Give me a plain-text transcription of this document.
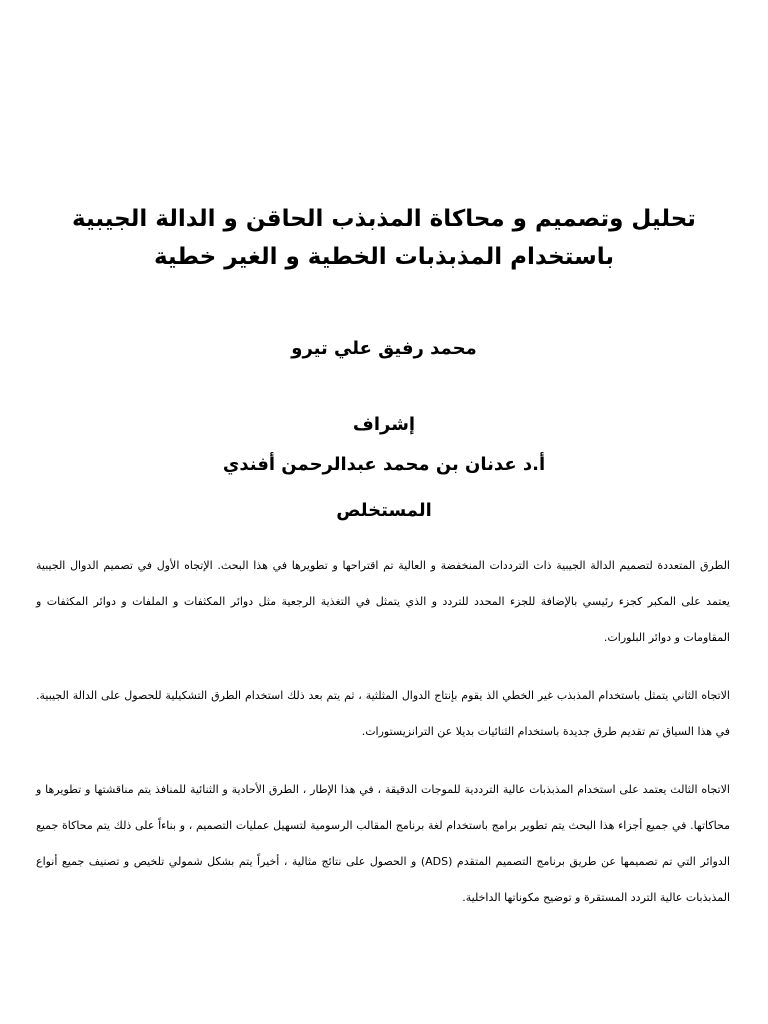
تحليل وتصميم و محاكاة المذبذب الحاقن و الدالة الجيبية باستخدام المذبذبات الخطية و الغير خطية
محمد رفيق علي تيرو
إشراف
أ.د عدنان بن محمد عبدالرحمن أفندي
المستخلص

الطرق المتعددة لتصميم الدالة الجيبية ذات الترددات المنخفضة و العالية تم اقتراحها و تطويرها في هذا البحث. الإتجاه الأول في تصميم الدوال الجيبية يعتمد على المكبر كجزء رئيسي بالإضافة للجزء المحدد للتردد و الذي يتمثل في التغذية الرجعية مثل دوائر المكثفات و الملفات و دوائر المكثفات و المقاومات و دوائر البلورات.

الاتجاه الثاني يتمثل باستخدام المذبذب غير الخطي الذ يقوم بإنتاج الدوال المثلثية ، ثم يتم بعد ذلك استخدام الطرق التشكيلية للحصول على الدالة الجيبية. في هذا السياق تم تقديم طرق جديدة باستخدام الثنائيات بديلا عن الترانزيستورات.

الاتجاه الثالث يعتمد على استخدام المذبذبات عالية الترددية للموجات الدقيقة ، في هذا الإطار ، الطرق الأحادية و الثنائية للمنافذ يتم مناقشتها و تطويرها و محاكاتها. في جميع أجزاء هذا البحث يتم تطوير برامج باستخدام لغة برنامج المقالب الرسومية لتسهيل عمليات التصميم ، و بناءاً على ذلك يتم محاكاة جميع الدوائر التي تم تصميمها عن طريق برنامج التصميم المتقدم (ADS) و الحصول على نتائج مثالية ، أخيراً يتم بشكل شمولي تلخيص و تصنيف جميع أنواع المذبذبات عالية التردد المستقرة و توضيح مكوناتها الداخلية.
